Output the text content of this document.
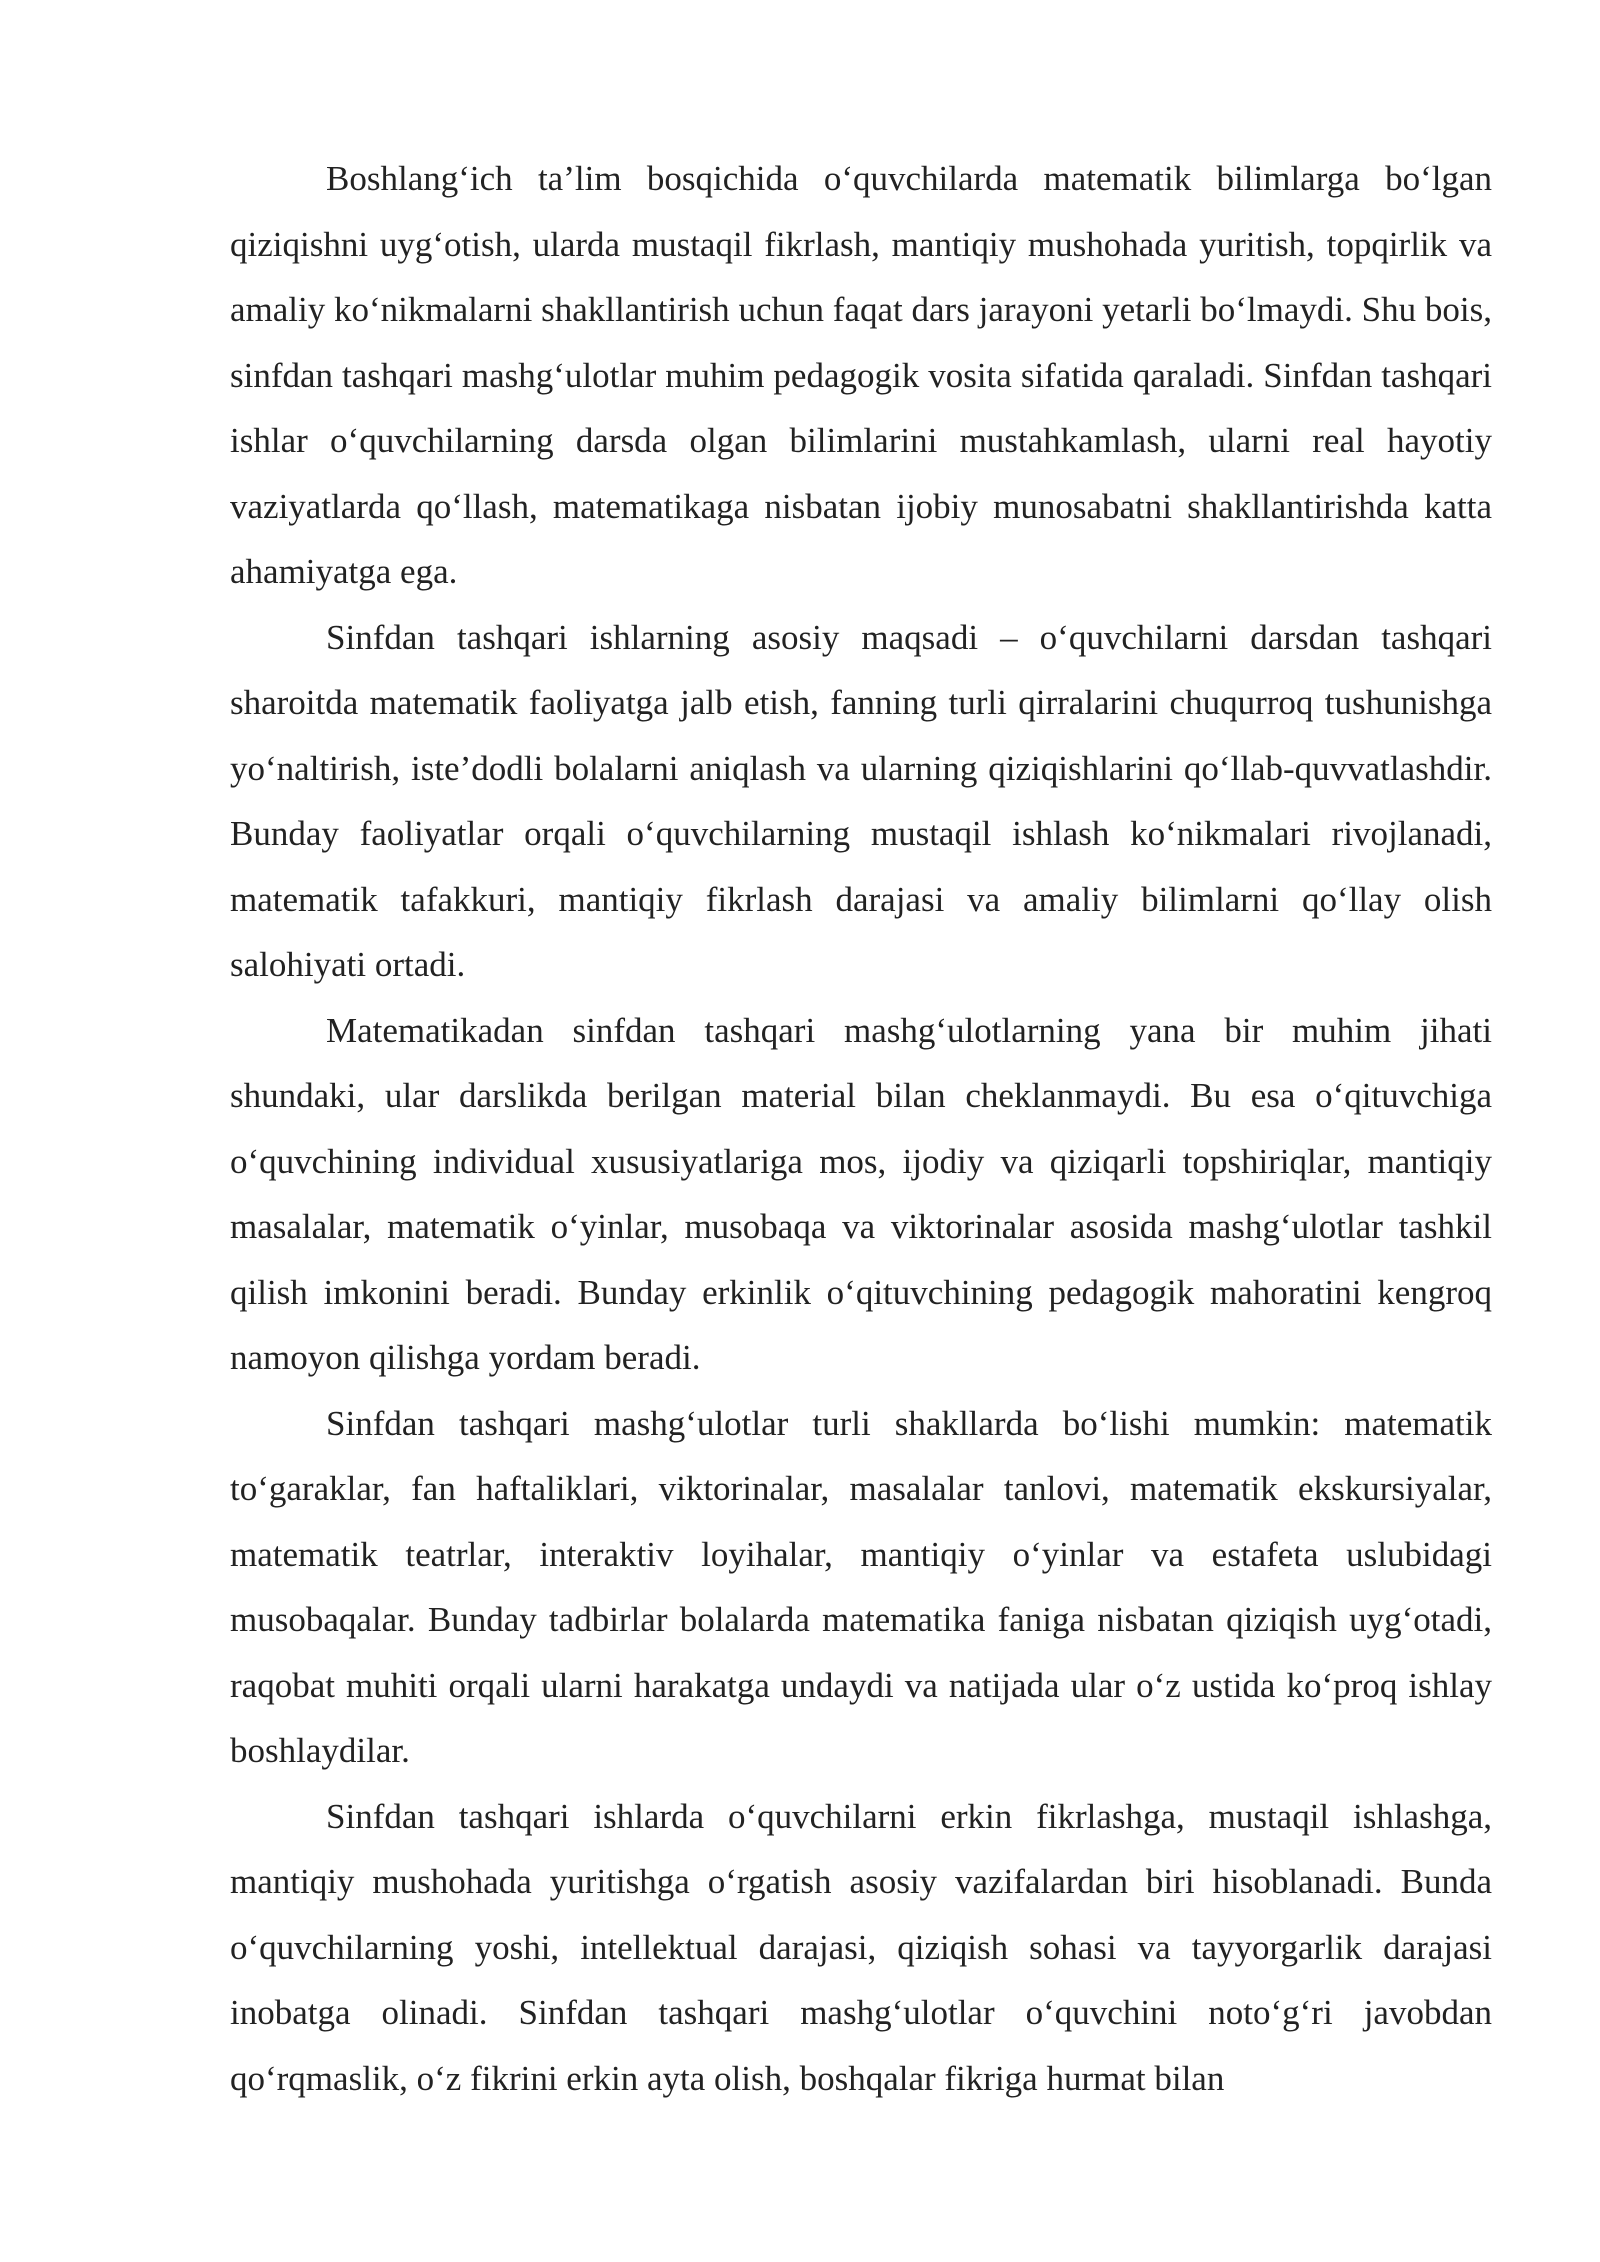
Boshlang‘ich ta’lim bosqichida o‘quvchilarda matematik bilimlarga bo‘lgan qiziqishni uyg‘otish, ularda mustaqil fikrlash, mantiqiy mushohada yuritish, topqirlik va amaliy ko‘nikmalarni shakllantirish uchun faqat dars jarayoni yetarli bo‘lmaydi. Shu bois, sinfdan tashqari mashg‘ulotlar muhim pedagogik vosita sifatida qaraladi. Sinfdan tashqari ishlar o‘quvchilarning darsda olgan bilimlarini mustahkamlash, ularni real hayotiy vaziyatlarda qo‘llash, matematikaga nisbatan ijobiy munosabatni shakllantirishda katta ahamiyatga ega.

Sinfdan tashqari ishlarning asosiy maqsadi – o‘quvchilarni darsdan tashqari sharoitda matematik faoliyatga jalb etish, fanning turli qirralarini chuqurroq tushunishga yo‘naltirish, iste’dodli bolalarni aniqlash va ularning qiziqishlarini qo‘llab-quvvatlashdir. Bunday faoliyatlar orqali o‘quvchilarning mustaqil ishlash ko‘nikmalari rivojlanadi, matematik tafakkuri, mantiqiy fikrlash darajasi va amaliy bilimlarni qo‘llay olish salohiyati ortadi.

Matematikadan sinfdan tashqari mashg‘ulotlarning yana bir muhim jihati shundaki, ular darslikda berilgan material bilan cheklanmaydi. Bu esa o‘qituvchiga o‘quvchining individual xususiyatlariga mos, ijodiy va qiziqarli topshiriqlar, mantiqiy masalalar, matematik o‘yinlar, musobaqa va viktorinalar asosida mashg‘ulotlar tashkil qilish imkonini beradi. Bunday erkinlik o‘qituvchining pedagogik mahoratini kengroq namoyon qilishga yordam beradi.

Sinfdan tashqari mashg‘ulotlar turli shakllarda bo‘lishi mumkin: matematik to‘garaklar, fan haftaliklari, viktorinalar, masalalar tanlovi, matematik ekskursiyalar, matematik teatrlar, interaktiv loyihalar, mantiqiy o‘yinlar va estafeta uslubidagi musobaqalar. Bunday tadbirlar bolalarda matematika faniga nisbatan qiziqish uyg‘otadi, raqobat muhiti orqali ularni harakatga undaydi va natijada ular o‘z ustida ko‘proq ishlay boshlaydilar.

Sinfdan tashqari ishlarda o‘quvchilarni erkin fikrlashga, mustaqil ishlashga, mantiqiy mushohada yuritishga o‘rgatish asosiy vazifalardan biri hisoblanadi. Bunda o‘quvchilarning yoshi, intellektual darajasi, qiziqish sohasi va tayyorgarlik darajasi inobatga olinadi. Sinfdan tashqari mashg‘ulotlar o‘quvchini noto‘g‘ri javobdan qo‘rqmaslik, o‘z fikrini erkin ayta olish, boshqalar fikriga hurmat bilan
